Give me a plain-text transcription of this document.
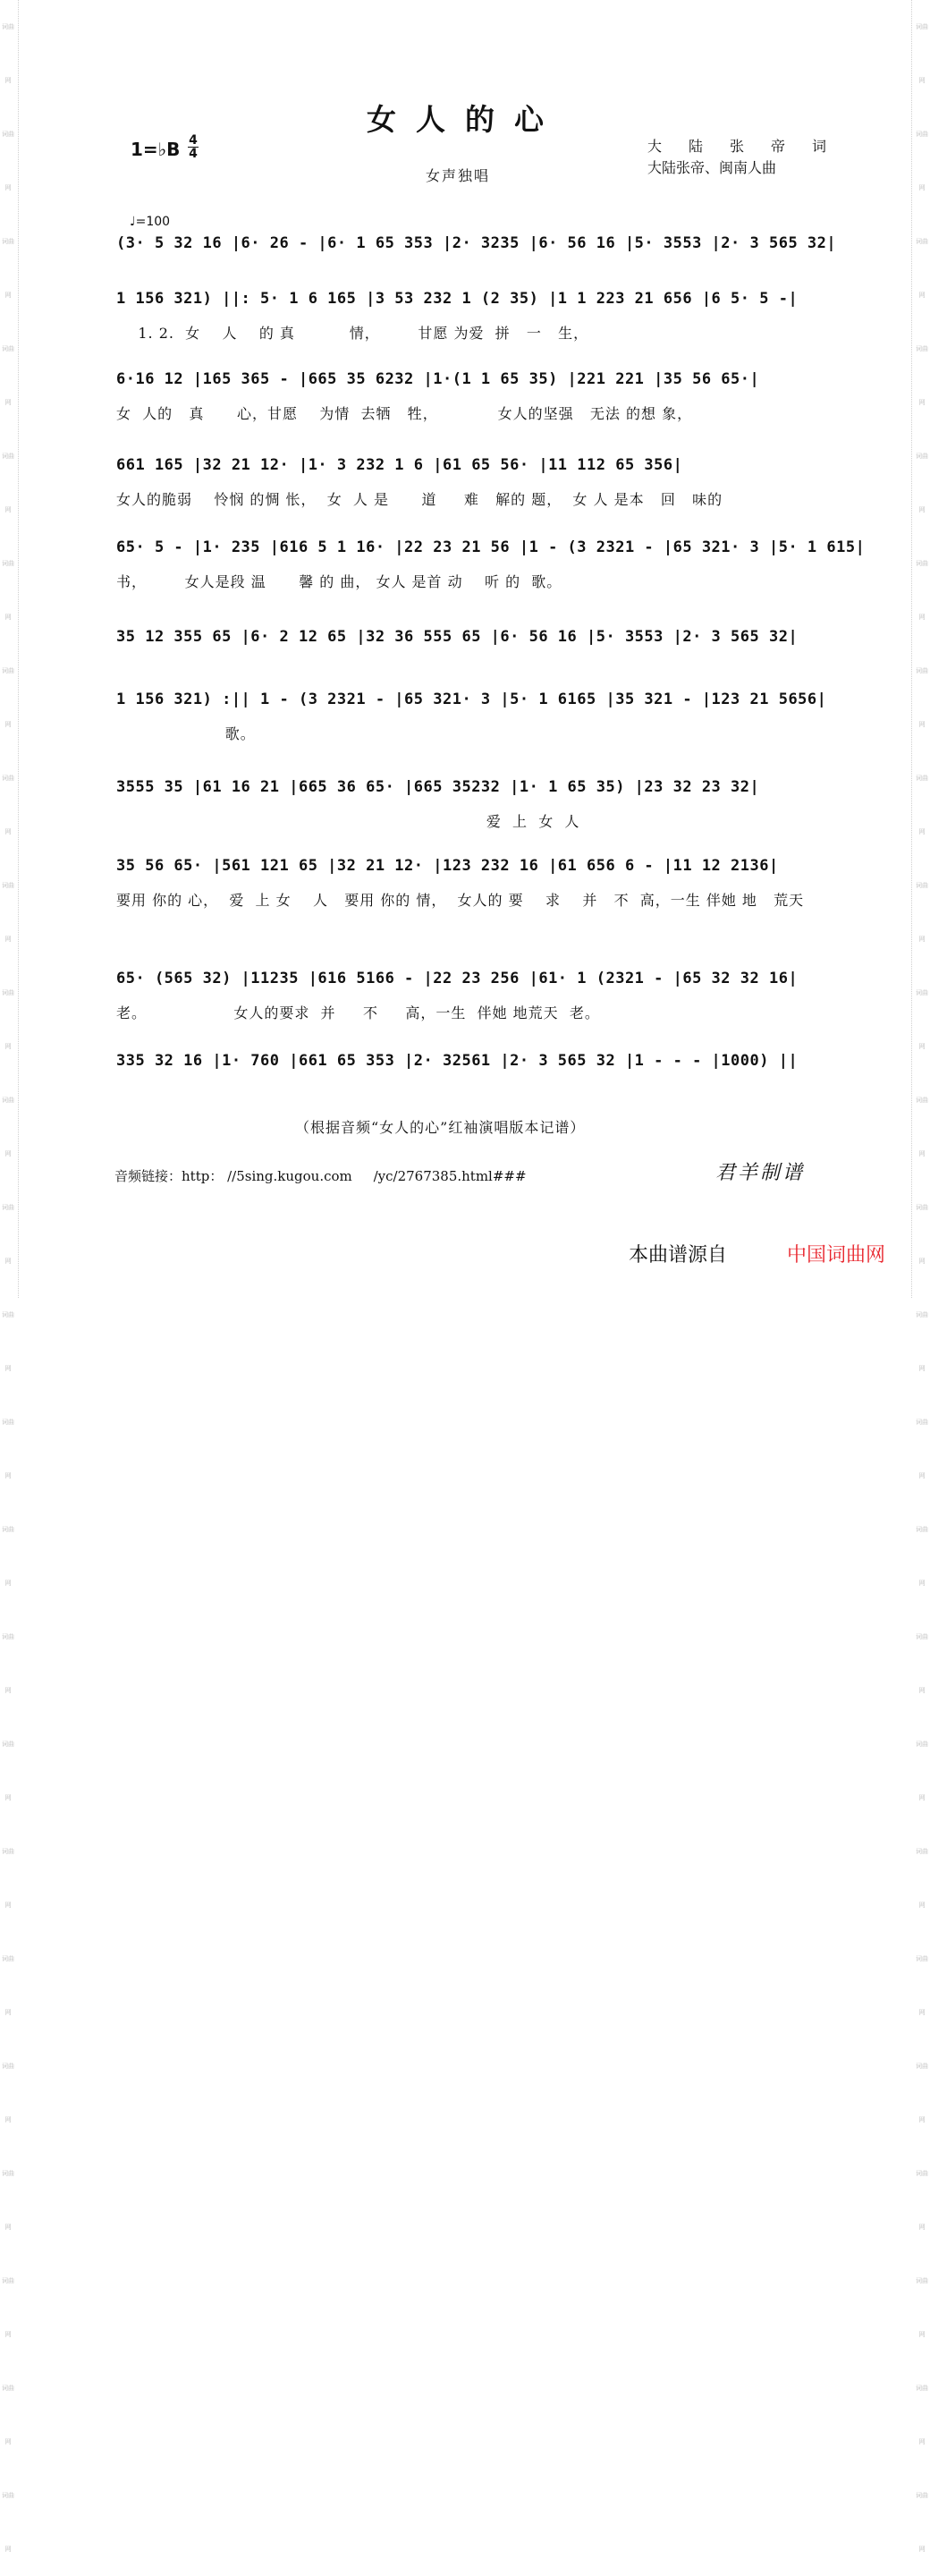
词曲网
词曲网
词曲网
词曲网
词曲网
词曲网
词曲网
词曲网
词曲网
词曲网
词曲网
词曲网
词曲网
词曲网
词曲网
词曲网
词曲网
词曲网
词曲网
词曲网
词曲网
词曲网
词曲网
词曲网
词曲网
词曲网
词曲网
词曲网
词曲网
词曲网
词曲网
词曲网
词曲网
词曲网
词曲网
词曲网
词曲网
词曲网
词曲网
词曲网
词曲网
词曲网
词曲网
词曲网
词曲网
词曲网
词曲网
词曲网
女人的心
1=♭B 4
4
女声独唱
大陆张帝词
大陆张帝、闽南人曲
♩=100
(3· 5 32 16 |6· 26 - |6· 1 65 353 |2· 3235 |6· 56 16 |5· 3553 |2· 3 565 32|
1 156 321) ||: 5· 1 6 165 |3 53 232 1 (2 35) |1 1 223 21 656 |6 5· 5 -|
1. 2.  女    人    的 真          情，       甘愿 为爱  拼   一   生，
6·16 12 |165 365 - |665 35 6232 |1·(1 1 65 35) |221 221 |35 56 65·|
女  人的   真      心，甘愿    为情  去牺   牲，           女人的坚强   无法 的想 象，
661 165 |32 21 12· |1· 3 232 1 6 |61 65 56· |11 112 65 356|
女人的脆弱    怜悯 的惆 怅，  女  人 是      道     难   解的 题，  女 人 是本   回   味的
65· 5 - |1· 235 |616 5 1 16· |22 23 21 56 |1 - (3 2321 - |65 321· 3 |5· 1 615|
书，       女人是段 温      馨 的 曲， 女人 是首 动    听 的  歌。
35 12 355 65 |6· 2 12 65 |32 36 555 65 |6· 56 16 |5· 3553 |2· 3 565 32|
1 156 321) :|| 1 - (3 2321 - |65 321· 3 |5· 1 6165 |35 321 - |123 21 5656|
歌。
3555 35 |61 16 21 |665 36 65· |665 35232 |1· 1 65 35) |23 32 23 32|
爱  上  女  人
35 56 65· |561 121 65 |32 21 12· |123 232 16 |61 656 6 - |11 12 2136|
要用 你的 心，  爱  上 女    人   要用 你的 情，  女人的 要    求    并   不  高，一生 伴她 地   荒天
65· (565 32) |11235 |616 5166 - |22 23 256 |61· 1 (2321 - |65 32 32 16|
老。                女人的要求  并     不     高，一生  伴她 地荒天  老。
335 32 16 |1· 760 |661 65 353 |2· 32561 |2· 3 565 32 |1 - - - |1000) ||
（根据音频“女人的心”红袖演唱版本记谱）
音频链接：http： //5sing.kugou.com     /yc/2767385.html###	君羊制谱
本曲谱源自	中国词曲网
